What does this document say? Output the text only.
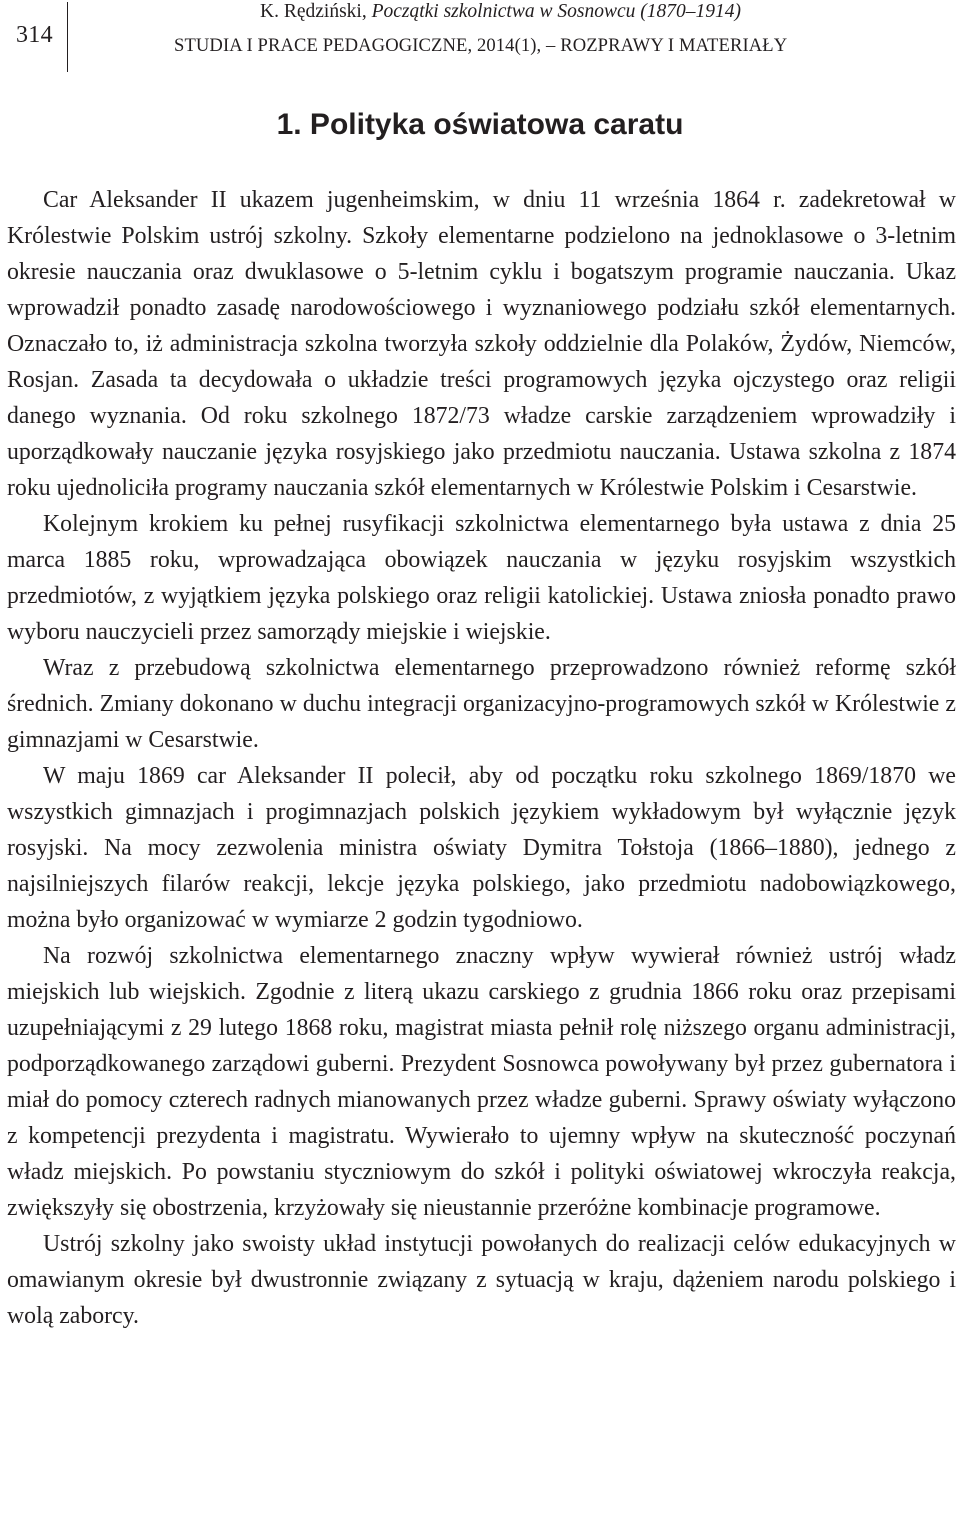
314
K. Rędziński, Początki szkolnictwa w Sosnowcu (1870–1914)
STUDIA I PRACE PEDAGOGICZNE, 2014(1), – ROZPRAWY I MATERIAŁY
1. Polityka oświatowa caratu

Car Aleksander II ukazem jugenheimskim, w dniu 11 września 1864 r. zadekretował w Królestwie Polskim ustrój szkolny. Szkoły elementarne podzielono na jednoklasowe o 3-letnim okresie nauczania oraz dwuklasowe o 5-letnim cyklu i bogatszym programie nauczania. Ukaz wprowadził ponadto zasadę narodowościowego i wyznaniowego podziału szkół elementarnych. Oznaczało to, iż administracja szkolna tworzyła szkoły oddzielnie dla Polaków, Żydów, Niemców, Rosjan. Zasada ta decydowała o układzie treści programowych języka ojczystego oraz religii danego wyznania. Od roku szkolnego 1872/73 władze carskie zarządzeniem wprowadziły i uporządkowały nauczanie języka rosyjskiego jako przedmiotu nauczania. Ustawa szkolna z 1874 roku ujednoliciła programy nauczania szkół elementarnych w Królestwie Polskim i Cesarstwie.

Kolejnym krokiem ku pełnej rusyfikacji szkolnictwa elementarnego była ustawa z dnia 25 marca 1885 roku, wprowadzająca obowiązek nauczania w języku rosyjskim wszystkich przedmiotów, z wyjątkiem języka polskiego oraz religii katolickiej. Ustawa zniosła ponadto prawo wyboru nauczycieli przez samorządy miejskie i wiejskie.

Wraz z przebudową szkolnictwa elementarnego przeprowadzono również reformę szkół średnich. Zmiany dokonano w duchu integracji organizacyjno-programowych szkół w Królestwie z gimnazjami w Cesarstwie.

W maju 1869 car Aleksander II polecił, aby od początku roku szkolnego 1869/1870 we wszystkich gimnazjach i progimnazjach polskich językiem wykładowym był wyłącznie język rosyjski. Na mocy zezwolenia ministra oświaty Dymitra Tołstoja (1866–1880), jednego z najsilniejszych filarów reakcji, lekcje języka polskiego, jako przedmiotu nadobowiązkowego, można było organizować w wymiarze 2 godzin tygodniowo.

Na rozwój szkolnictwa elementarnego znaczny wpływ wywierał również ustrój władz miejskich lub wiejskich. Zgodnie z literą ukazu carskiego z grudnia 1866 roku oraz przepisami uzupełniającymi z 29 lutego 1868 roku, magistrat miasta pełnił rolę niższego organu administracji, podporządkowanego zarządowi guberni. Prezydent Sosnowca powoływany był przez gubernatora i miał do pomocy czterech radnych mianowanych przez władze guberni. Sprawy oświaty wyłączono z kompetencji prezydenta i magistratu. Wywierało to ujemny wpływ na skuteczność poczynań władz miejskich. Po powstaniu styczniowym do szkół i polityki oświatowej wkroczyła reakcja, zwiększyły się obostrzenia, krzyżowały się nieustannie przeróżne kombinacje programowe.

Ustrój szkolny jako swoisty układ instytucji powołanych do realizacji celów edukacyjnych w omawianym okresie był dwustronnie związany z sytuacją w kraju, dążeniem narodu polskiego i wolą zaborcy.
